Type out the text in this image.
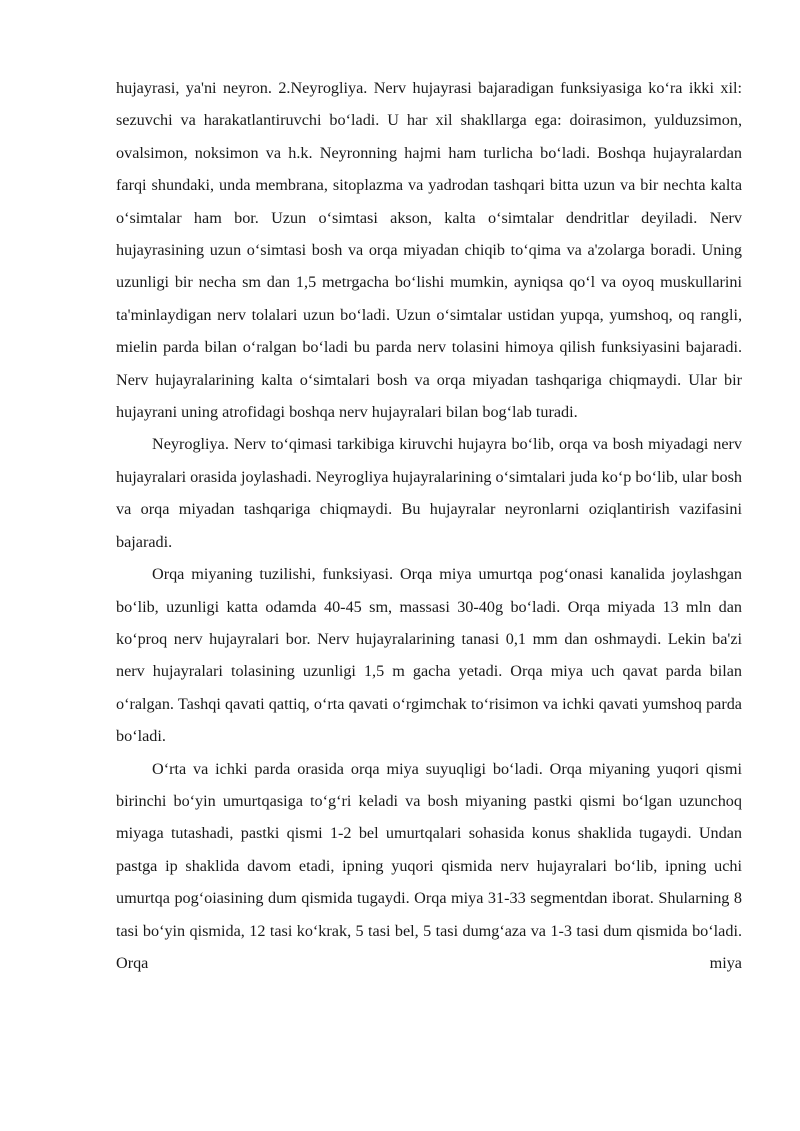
hujayrasi, ya'ni neyron. 2.Neyrogliya. Nerv hujayrasi bajaradigan funksiyasiga ko‘ra ikki xil: sezuvchi va harakatlantiruvchi bo‘ladi. U har xil shakllarga ega: doirasimon, yulduzsimon, ovalsimon, noksimon va h.k. Neyronning hajmi ham turlicha bo‘ladi. Boshqa hujayralardan farqi shundaki, unda membrana, sitoplazma va yadrodan tashqari bitta uzun va bir nechta kalta o‘simtalar ham bor. Uzun o‘simtasi akson, kalta o‘simtalar dendritlar deyiladi. Nerv hujayrasining uzun o‘simtasi bosh va orqa miyadan chiqib to‘qima va a'zolarga boradi. Uning uzunligi bir necha sm dan 1,5 metrgacha bo‘lishi mumkin, ayniqsa qo‘l va oyoq muskullarini ta'minlaydigan nerv tolalari uzun bo‘ladi. Uzun o‘simtalar ustidan yupqa, yumshoq, oq rangli, mielin parda bilan o‘ralgan bo‘ladi bu parda nerv tolasini himoya qilish funksiyasini bajaradi. Nerv hujayralarining kalta o‘simtalari bosh va orqa miyadan tashqariga chiqmaydi. Ular bir hujayrani uning atrofidagi boshqa nerv hujayralari bilan bog‘lab turadi.

Neyrogliya. Nerv to‘qimasi tarkibiga kiruvchi hujayra bo‘lib, orqa va bosh miyadagi nerv hujayralari orasida joylashadi. Neyrogliya hujayralarining o‘simtalari juda ko‘p bo‘lib, ular bosh va orqa miyadan tashqariga chiqmaydi. Bu hujayralar neyronlarni oziqlantirish vazifasini bajaradi.

Orqa miyaning tuzilishi, funksiyasi. Orqa miya umurtqa pog‘onasi kanalida joylashgan bo‘lib, uzunligi katta odamda 40-45 sm, massasi 30-40g bo‘ladi. Orqa miyada 13 mln dan ko‘proq nerv hujayralari bor. Nerv hujayralarining tanasi 0,1 mm dan oshmaydi. Lekin ba'zi nerv hujayralari tolasining uzunligi 1,5 m gacha yetadi. Orqa miya uch qavat parda bilan o‘ralgan. Tashqi qavati qattiq, o‘rta qavati o‘rgimchak to‘risimon va ichki qavati yumshoq parda bo‘ladi.

O‘rta va ichki parda orasida orqa miya suyuqligi bo‘ladi. Orqa miyaning yuqori qismi birinchi bo‘yin umurtqasiga to‘g‘ri keladi va bosh miyaning pastki qismi bo‘lgan uzunchoq miyaga tutashadi, pastki qismi 1-2 bel umurtqalari sohasida konus shaklida tugaydi. Undan pastga ip shaklida davom etadi, ipning yuqori qismida nerv hujayralari bo‘lib, ipning uchi umurtqa pog‘oiasining dum qismida tugaydi. Orqa miya 31-33 segmentdan iborat. Shularning 8 tasi bo‘yin qismida, 12 tasi ko‘krak, 5 tasi bel, 5 tasi dumg‘aza va 1-3 tasi dum qismida bo‘ladi. Orqa miya
